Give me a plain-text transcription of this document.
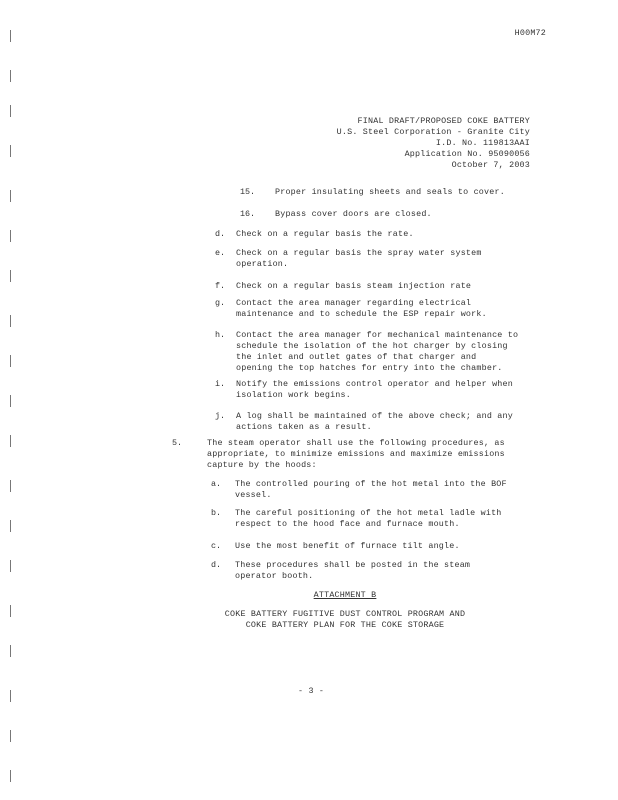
H00M72
FINAL DRAFT/PROPOSED COKE BATTERY
U.S. Steel Corporation - Granite City
I.D. No. 119813AAI
Application No. 95090056
October 7, 2003
15. Proper insulating sheets and seals to cover.
16. Bypass cover doors are closed.
d. Check on a regular basis the rate.
e. Check on a regular basis the spray water system
operation.
f. Check on a regular basis steam injection rate
g. Contact the area manager regarding electrical
maintenance and to schedule the ESP repair work.
h. Contact the area manager for mechanical maintenance to
schedule the isolation of the hot charger by closing
the inlet and outlet gates of that charger and
opening the top hatches for entry into the chamber.
i. Notify the emissions control operator and helper when
isolation work begins.
j. A log shall be maintained of the above check; and any
actions taken as a result.
5.	The steam operator shall use the following procedures, as
appropriate, to minimize emissions and maximize emissions
capture by the hoods:
a. The controlled pouring of the hot metal into the BOF
vessel.
b. The careful positioning of the hot metal ladle with
respect to the hood face and furnace mouth.
c. Use the most benefit of furnace tilt angle.
d. These procedures shall be posted in the steam
operator booth.
ATTACHMENT B
COKE BATTERY FUGITIVE DUST CONTROL PROGRAM AND
COKE BATTERY PLAN FOR THE COKE STORAGE
- 3 -
